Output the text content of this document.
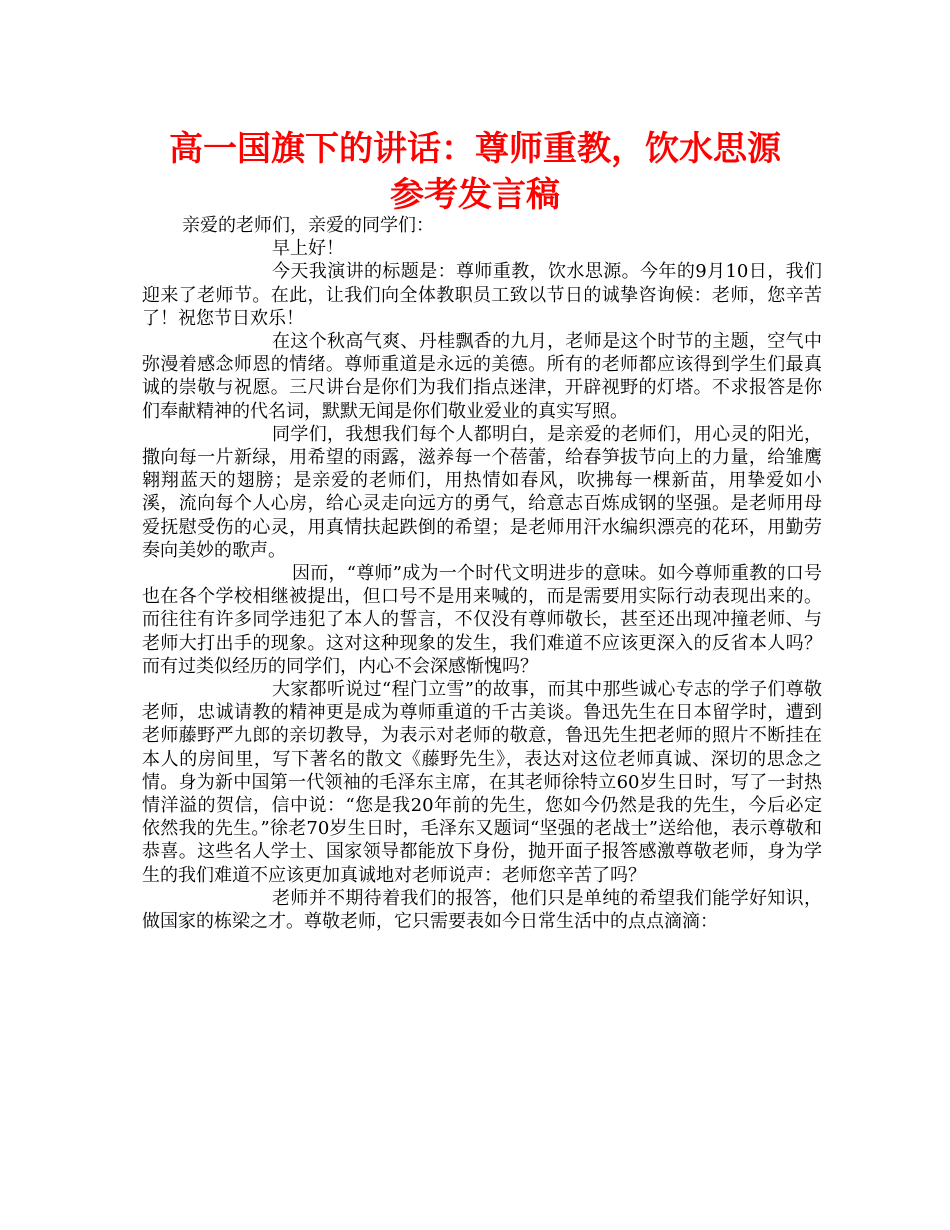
高一国旗下的讲话：尊师重教，饮水思源
参考发言稿

亲爱的老师们，亲爱的同学们：

早上好！

今天我演讲的标题是：尊师重教，饮水思源。今年的9月10日，我们迎来了老师节。在此，让我们向全体教职员工致以节日的诚挚咨询候：老师，您辛苦了！祝您节日欢乐！

在这个秋高气爽、丹桂飘香的九月，老师是这个时节的主题，空气中弥漫着感念师恩的情绪。尊师重道是永远的美德。所有的老师都应该得到学生们最真诚的崇敬与祝愿。三尺讲台是你们为我们指点迷津，开辟视野的灯塔。不求报答是你们奉献精神的代名词，默默无闻是你们敬业爱业的真实写照。

同学们，我想我们每个人都明白，是亲爱的老师们，用心灵的阳光，撒向每一片新绿，用希望的雨露，滋养每一个蓓蕾，给春笋拔节向上的力量，给雏鹰翱翔蓝天的翅膀；是亲爱的老师们，用热情如春风，吹拂每一棵新苗，用挚爱如小溪，流向每个人心房，给心灵走向远方的勇气，给意志百炼成钢的坚强。是老师用母爱抚慰受伤的心灵，用真情扶起跌倒的希望；是老师用汗水编织漂亮的花环，用勤劳奏向美妙的歌声。

因而，“尊师”成为一个时代文明进步的意味。如今尊师重教的口号也在各个学校相继被提出，但口号不是用来喊的，而是需要用实际行动表现出来的。而往往有许多同学违犯了本人的誓言，不仅没有尊师敬长，甚至还出现冲撞老师、与老师大打出手的现象。这对这种现象的发生，我们难道不应该更深入的反省本人吗？而有过类似经历的同学们，内心不会深感惭愧吗？

大家都听说过“程门立雪”的故事，而其中那些诚心专志的学子们尊敬老师，忠诚请教的精神更是成为尊师重道的千古美谈。鲁迅先生在日本留学时，遭到老师藤野严九郎的亲切教导，为表示对老师的敬意，鲁迅先生把老师的照片不断挂在本人的房间里，写下著名的散文《藤野先生》，表达对这位老师真诚、深切的思念之情。身为新中国第一代领袖的毛泽东主席，在其老师徐特立60岁生日时，写了一封热情洋溢的贺信，信中说：“您是我20年前的先生，您如今仍然是我的先生，今后必定依然我的先生。”徐老70岁生日时，毛泽东又题词“坚强的老战士”送给他，表示尊敬和恭喜。这些名人学士、国家领导都能放下身份，抛开面子报答感激尊敬老师，身为学生的我们难道不应该更加真诚地对老师说声：老师您辛苦了吗？

老师并不期待着我们的报答，他们只是单纯的希望我们能学好知识，做国家的栋梁之才。尊敬老师，它只需要表如今日常生活中的点点滴滴：
